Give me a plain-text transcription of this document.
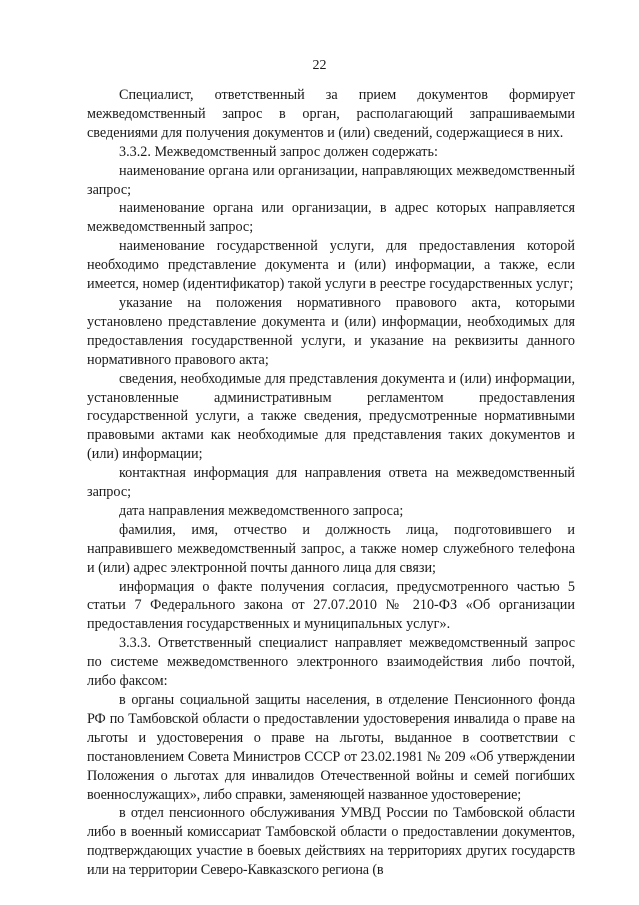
22

Специалист, ответственный за прием документов формирует межведомственный запрос в орган, располагающий запрашиваемыми сведениями для получения документов и (или) сведений, содержащиеся в них.

3.3.2. Межведомственный запрос должен содержать:

наименование органа или организации, направляющих межведомственный запрос;

наименование органа или организации, в адрес которых направляется межведомственный запрос;

наименование государственной услуги, для предоставления которой необходимо представление документа и (или) информации, а также, если имеется, номер (идентификатор) такой услуги в реестре государственных услуг;

указание на положения нормативного правового акта, которыми установлено представление документа и (или) информации, необходимых для предоставления государственной услуги, и указание на реквизиты данного нормативного правового акта;

сведения, необходимые для представления документа и (или) информации, установленные административным регламентом предоставления государственной услуги, а также сведения, предусмотренные нормативными правовыми актами как необходимые для представления таких документов и (или) информации;

контактная информация для направления ответа на межведомственный запрос;

дата направления межведомственного запроса;

фамилия, имя, отчество и должность лица, подготовившего и направившего межведомственный запрос, а также номер служебного телефона и (или) адрес электронной почты данного лица для связи;

информация о факте получения согласия, предусмотренного частью 5 статьи 7 Федерального закона от 27.07.2010 № 210-ФЗ «Об организации предоставления государственных и муниципальных услуг».

3.3.3. Ответственный специалист направляет межведомственный запрос по системе межведомственного электронного взаимодействия либо почтой, либо факсом:

в органы социальной защиты населения, в отделение Пенсионного фонда РФ по Тамбовской области о предоставлении удостоверения инвалида о праве на льготы и удостоверения о праве на льготы, выданное в соответствии с постановлением Совета Министров СССР от 23.02.1981 № 209 «Об утверждении Положения о льготах для инвалидов Отечественной войны и семей погибших военнослужащих», либо справки, заменяющей названное удостоверение;

в отдел пенсионного обслуживания УМВД России по Тамбовской области либо в военный комиссариат Тамбовской области о предоставлении документов, подтверждающих участие в боевых действиях на территориях других государств или на территории Северо-Кавказского региона (в
